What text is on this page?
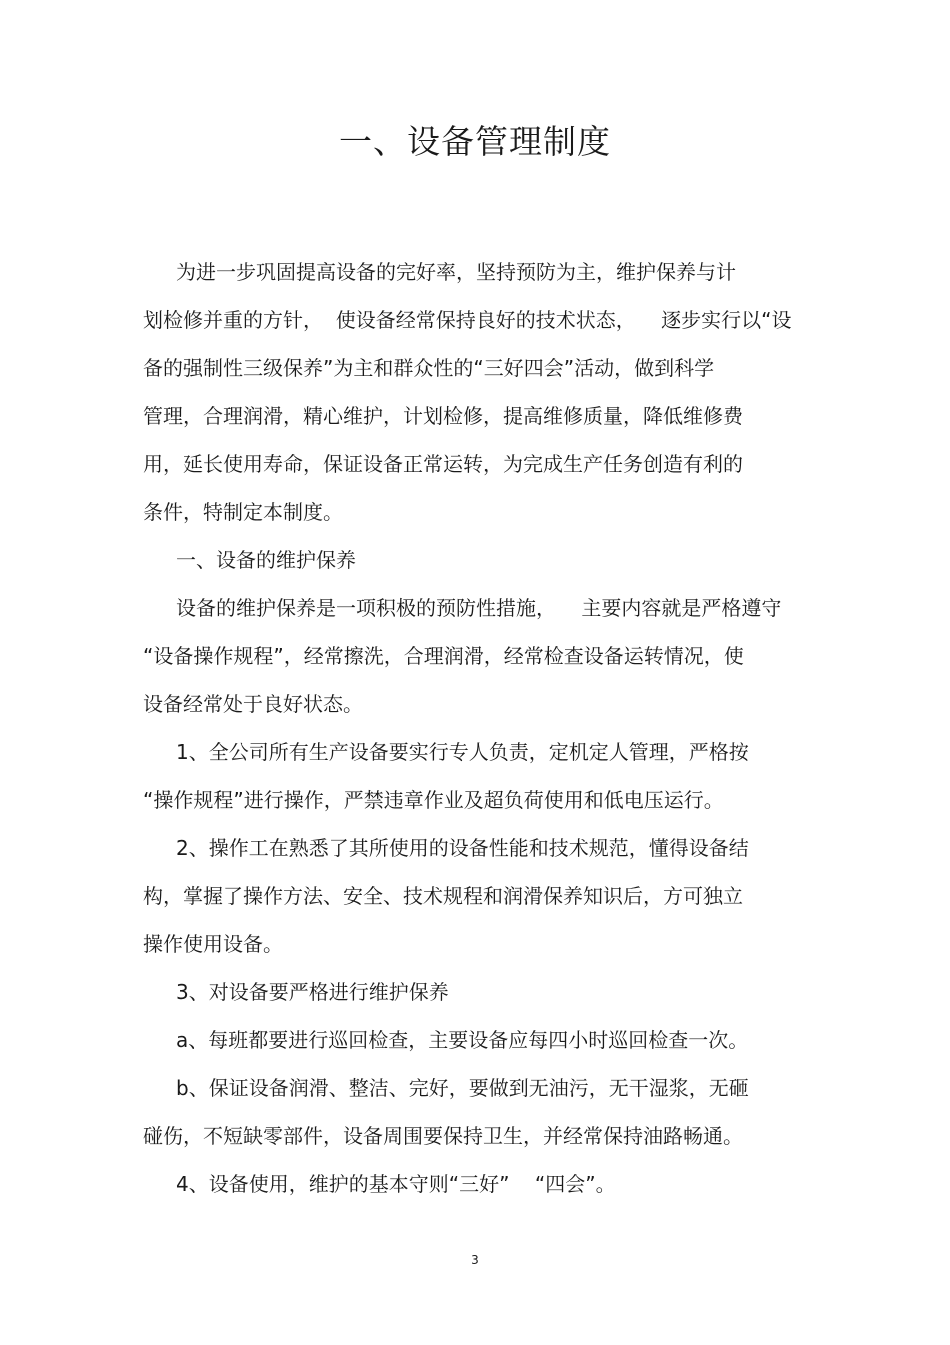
一、设备管理制度
为进一步巩固提高设备的完好率，坚持预防为主，维护保养与计
划检修并重的方针，  使设备经常保持良好的技术状态，    逐步实行以“设
备的强制性三级保养”为主和群众性的“三好四会”活动，做到科学
管理，合理润滑，精心维护，计划检修，提高维修质量，降低维修费
用，延长使用寿命，保证设备正常运转，为完成生产任务创造有利的
条件，特制定本制度。
一、设备的维护保养
设备的维护保养是一项积极的预防性措施，    主要内容就是严格遵守
“设备操作规程”，经常擦洗，合理润滑，经常检查设备运转情况，使
设备经常处于良好状态。
1、全公司所有生产设备要实行专人负责，定机定人管理，严格按
“操作规程”进行操作，严禁违章作业及超负荷使用和低电压运行。
2、操作工在熟悉了其所使用的设备性能和技术规范，懂得设备结
构，掌握了操作方法、安全、技术规程和润滑保养知识后，方可独立
操作使用设备。
3、对设备要严格进行维护保养
a、每班都要进行巡回检查，主要设备应每四小时巡回检查一次。
b、保证设备润滑、整洁、完好，要做到无油污，无干湿浆，无砸
碰伤，不短缺零部件，设备周围要保持卫生，并经常保持油路畅通。
4、设备使用，维护的基本守则“三好”    “四会”。
3
